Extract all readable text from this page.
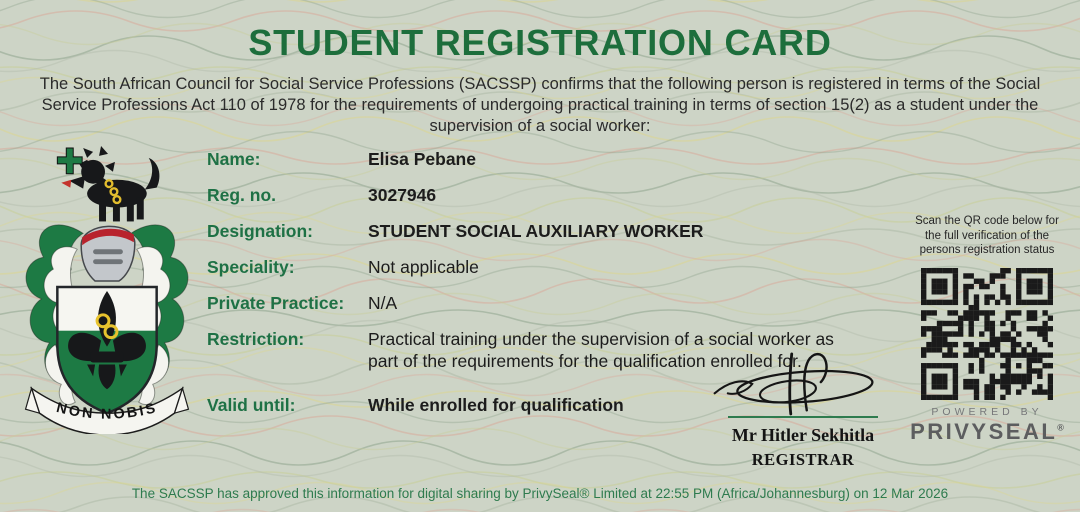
STUDENT REGISTRATION CARD
The South African Council for Social Service Professions (SACSSP) confirms that the following person is registered in terms of the Social Service Professions Act 110 of 1978 for the requirements of undergoing practical training in terms of section 15(2) as a student under the supervision of a social worker:
NON NOBIS
Name:	Elisa Pebane
Reg. no.	3027946
Designation:	STUDENT SOCIAL AUXILIARY WORKER
Speciality:	Not applicable
Private Practice:	N/A
Restriction:	Practical training under the supervision of a social worker as part of the requirements for the qualification enrolled for.
Valid until:	While enrolled for qualification
Mr Hitler Sekhitla
REGISTRAR
Scan the QR code below for the full verification of the persons registration status
POWERED BY
PRIVYSEAL®
The SACSSP has approved this information for digital sharing by PrivySeal® Limited at 22:55 PM (Africa/Johannesburg) on 12 Mar 2026
